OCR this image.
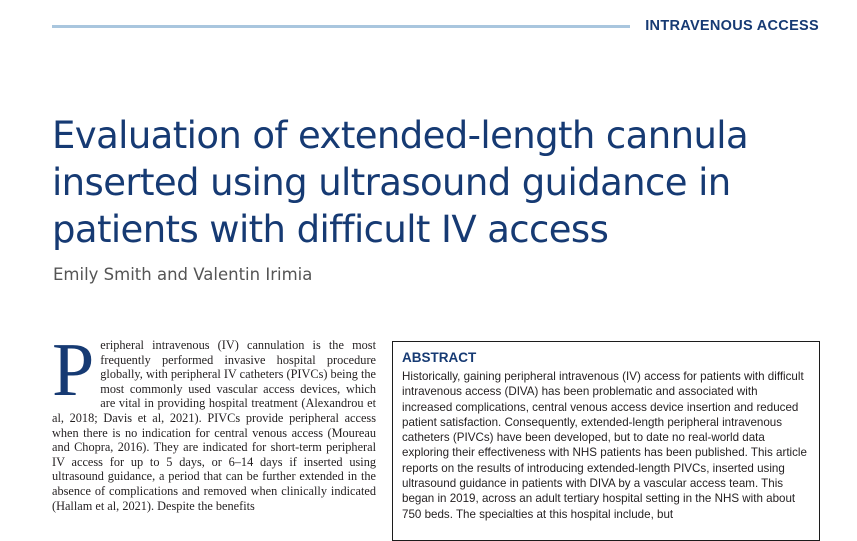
INTRAVENOUS ACCESS
Evaluation of extended-length cannula inserted using ultrasound guidance in patients with difficult IV access
Emily Smith and Valentin Irimia
P eripheral intravenous (IV) cannulation is the most frequently performed invasive hospital procedure globally, with peripheral IV catheters (PIVCs) being the most commonly used vascular access devices, which are vital in providing hospital treatment (Alexandrou et al, 2018; Davis et al, 2021). PIVCs provide peripheral access when there is no indication for central venous access (Moureau and Chopra, 2016). They are indicated for short-term peripheral IV access for up to 5 days, or 6–14 days if inserted using ultrasound guidance, a period that can be further extended in the absence of complications and removed when clinically indicated (Hallam et al, 2021). Despite the benefits

ABSTRACT

Historically, gaining peripheral intravenous (IV) access for patients with difficult intravenous access (DIVA) has been problematic and associated with increased complications, central venous access device insertion and reduced patient satisfaction. Consequently, extended-length peripheral intravenous catheters (PIVCs) have been developed, but to date no real-world data exploring their effectiveness with NHS patients has been published. This article reports on the results of introducing extended-length PIVCs, inserted using ultrasound guidance in patients with DIVA by a vascular access team. This began in 2019, across an adult tertiary hospital setting in the NHS with about 750 beds. The specialties at this hospital include, but
